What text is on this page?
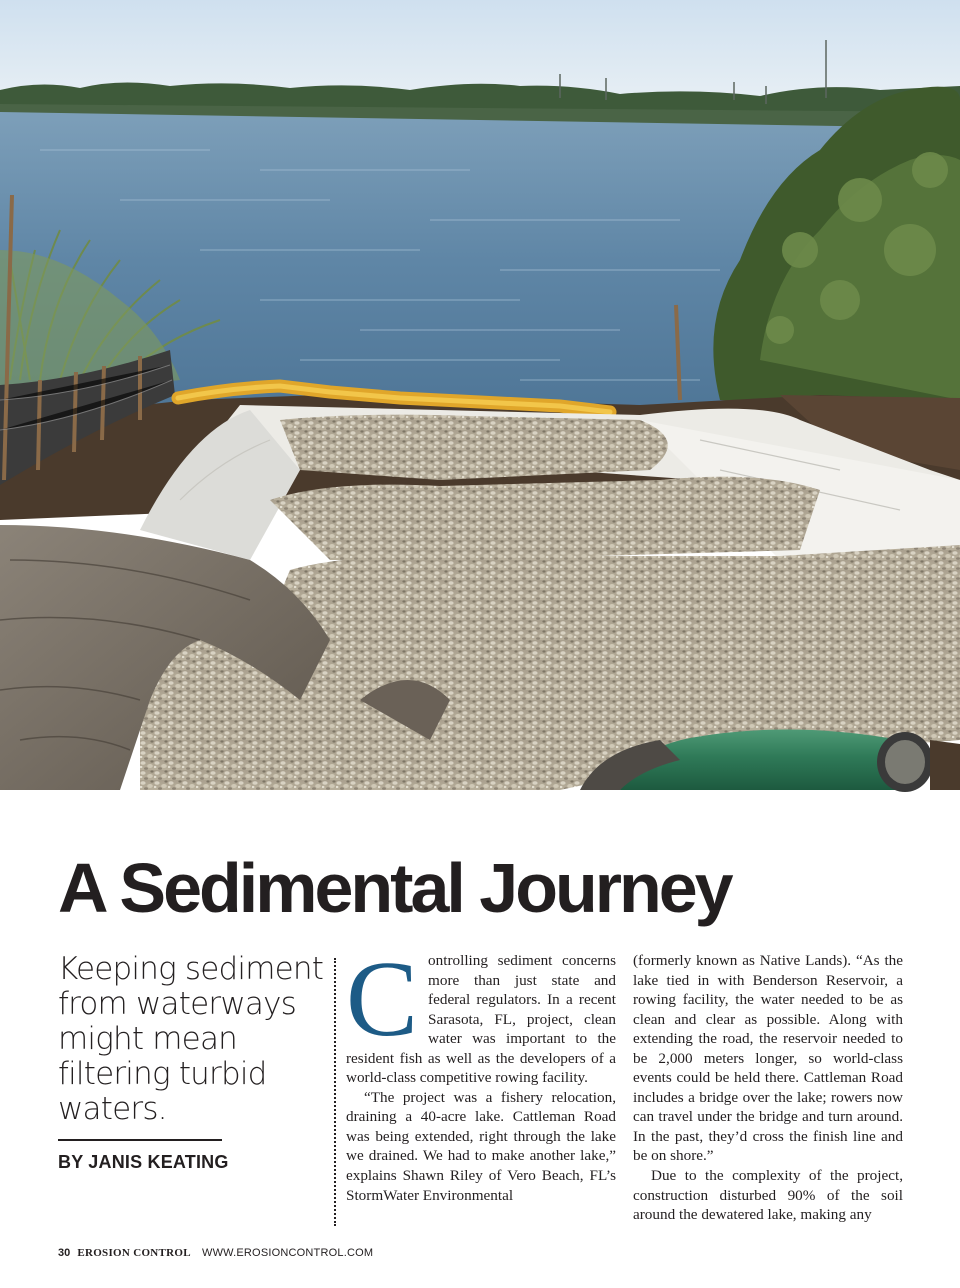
A Sedimental Journey
Keeping sediment from waterways might mean filtering turbid waters.
BY JANIS KEATING

Controlling sediment concerns more than just state and federal regulators. In a recent Sarasota, FL, project, clean water was important to the resident fish as well as the developers of a world-class competitive rowing facility.

“The project was a fishery relocation, draining a 40-acre lake. Cattleman Road was being extended, right through the lake we drained. We had to make another lake,” explains Shawn Riley of Vero Beach, FL’s StormWater Environmental

(formerly known as Native Lands). “As the lake tied in with Benderson Reservoir, a rowing facility, the water needed to be as clean and clear as possible. Along with extending the road, the reservoir needed to be 2,000 meters longer, so world-class events could be held there. Cattleman Road includes a bridge over the lake; rowers now can travel under the bridge and turn around. In the past, they’d cross the finish line and be on shore.”

Due to the complexity of the project, construction disturbed 90% of the soil around the dewatered lake, making any

30 EROSION CONTROL WWW.EROSIONCONTROL.COM
